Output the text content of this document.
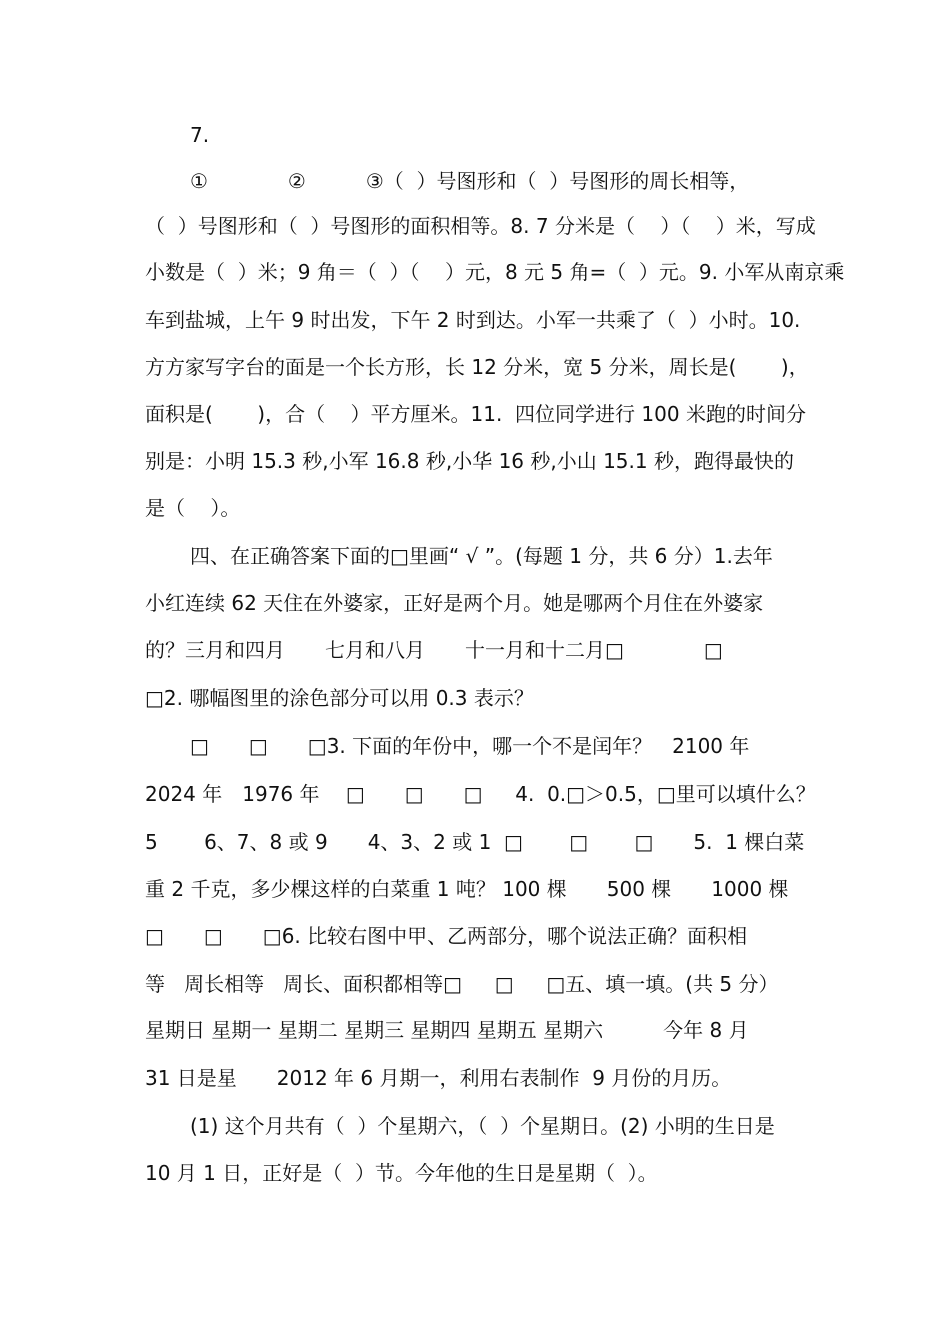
7.
①　　　　②　　　③（  ）号图形和（  ）号图形的周长相等，
（  ）号图形和（  ）号图形的面积相等。8. 7 分米是（    ）（    ）米，写成
小数是（  ）米；9 角＝（  ）（    ）元，8 元 5 角=（  ）元。9. 小军从南京乘
车到盐城，上午 9 时出发，下午 2 时到达。小军一共乘了（  ）小时。10.
方方家写字台的面是一个长方形，长 12 分米，宽 5 分米，周长是(       )，
面积是(       )，合（    ）平方厘米。11.  四位同学进行 100 米跑的时间分
别是：小明 15.3 秒,小军 16.8 秒,小华 16 秒,小山 15.1 秒，跑得最快的
是（    ）。
四、在正确答案下面的□里画“ √ ”。(每题 1 分，共 6 分）1.去年
小红连续 62 天住在外婆家，正好是两个月。她是哪两个月住在外婆家
的？三月和四月　　七月和八月　　十一月和十二月□　　　　□
□2. 哪幅图里的涂色部分可以用 0.3 表示？
□　　□　　□3. 下面的年份中，哪一个不是闰年？　2100 年
2024 年　1976 年　 □　　□　　□　  4.  0.□＞0.5，□里可以填什么？
5　　 6、7、8 或 9　　4、3、2 或 1  □　　 □　　 □　　5.  1 棵白菜
重 2 千克，多少棵这样的白菜重 1 吨？ 100 棵　　500 棵　　1000 棵
□　　□　　□6. 比较右图中甲、乙两部分，哪个说法正确？面积相
等   周长相等   周长、面积都相等□　  □　  □五、填一填。(共 5 分）
星期日 星期一 星期二 星期三 星期四 星期五 星期六　　　今年 8 月
31 日是星　　2012 年 6 月期一，利用右表制作  9 月份的月历。
(1) 这个月共有（  ）个星期六，（  ）个星期日。(2) 小明的生日是
10 月 1 日，正好是（  ）节。今年他的生日是星期（  ）。
